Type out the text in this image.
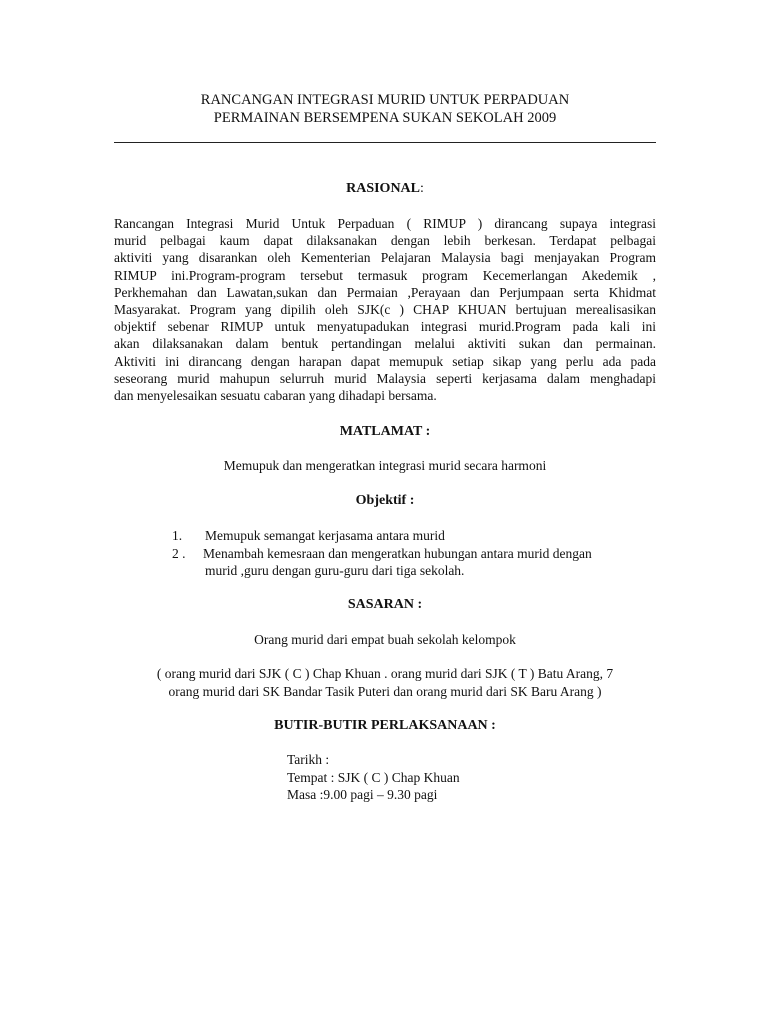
RANCANGAN INTEGRASI MURID UNTUK PERPADUAN
PERMAINAN BERSEMPENA SUKAN SEKOLAH 2009
RASIONAL:
Rancangan Integrasi Murid Untuk Perpaduan ( RIMUP ) dirancang supaya integrasi
murid pelbagai kaum dapat dilaksanakan dengan lebih berkesan. Terdapat pelbagai
aktiviti yang disarankan oleh Kementerian Pelajaran Malaysia bagi menjayakan Program
RIMUP ini.Program-program tersebut termasuk program Kecemerlangan Akedemik ,
Perkhemahan dan Lawatan,sukan dan Permaian ,Perayaan dan Perjumpaan serta Khidmat
Masyarakat. Program yang dipilih oleh SJK(c ) CHAP KHUAN bertujuan merealisasikan
objektif sebenar RIMUP untuk menyatupadukan integrasi murid.Program pada kali ini
akan dilaksanakan dalam bentuk pertandingan melalui aktiviti sukan dan permainan.
Aktiviti ini dirancang dengan harapan dapat memupuk setiap sikap yang perlu ada pada
seseorang murid mahupun selurruh murid Malaysia seperti kerjasama dalam menghadapi
dan menyelesaikan sesuatu cabaran yang dihadapi bersama.
MATLAMAT :
Memupuk dan mengeratkan integrasi murid secara harmoni
Objektif :
1.	Memupuk semangat kerjasama antara murid
2 .	Menambah kemesraan dan mengeratkan hubungan antara murid dengan
murid ,guru dengan guru-guru dari tiga sekolah.
SASARAN :
Orang murid dari empat buah sekolah kelompok
( orang murid dari SJK ( C ) Chap Khuan . orang murid dari SJK ( T ) Batu Arang, 7
orang murid dari SK Bandar Tasik Puteri dan orang murid dari SK Baru Arang )
BUTIR-BUTIR PERLAKSANAAN :
Tarikh :
Tempat : SJK ( C ) Chap Khuan
Masa :9.00 pagi – 9.30 pagi
